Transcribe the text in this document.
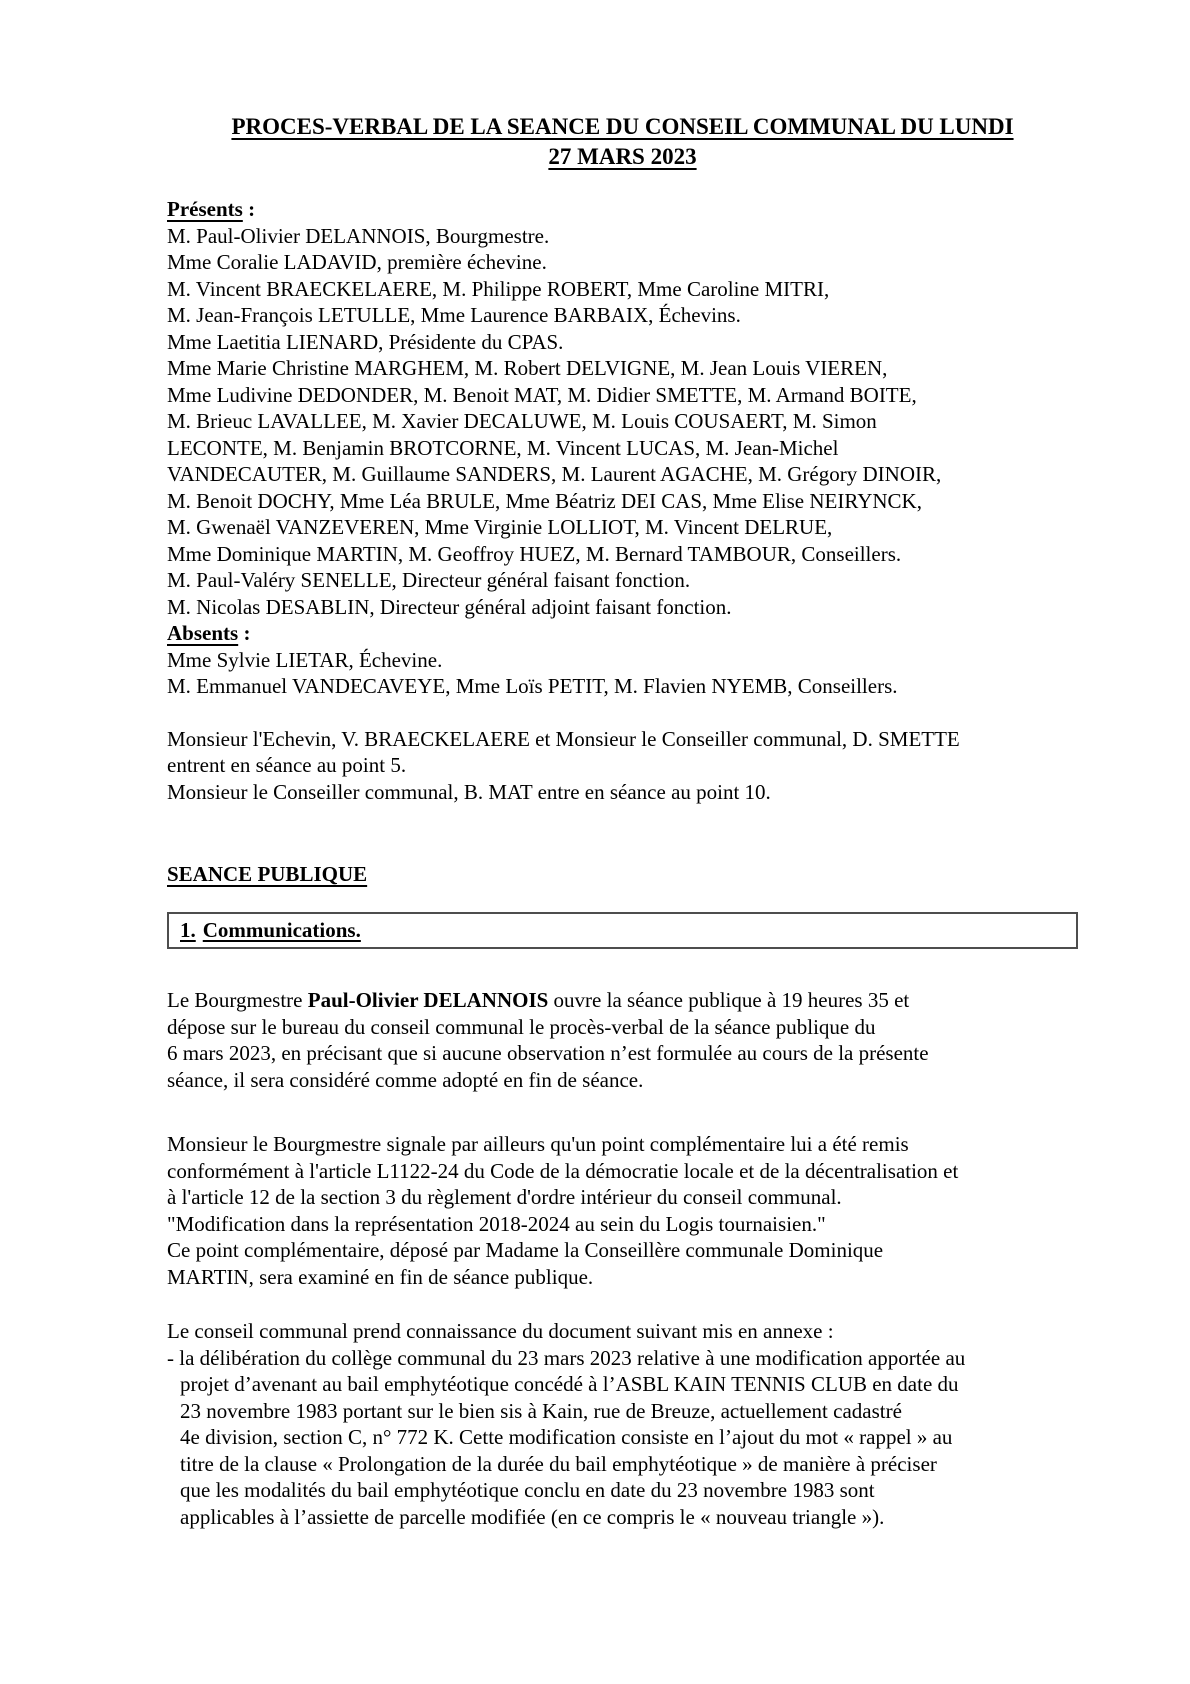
PROCES-VERBAL DE LA SEANCE DU CONSEIL COMMUNAL DU LUNDI
27 MARS 2023
Présents :
M. Paul-Olivier DELANNOIS, Bourgmestre.
Mme Coralie LADAVID, première échevine.
M. Vincent BRAECKELAERE, M. Philippe ROBERT, Mme Caroline MITRI,
M. Jean-François LETULLE, Mme Laurence BARBAIX, Échevins.
Mme Laetitia LIENARD, Présidente du CPAS.
Mme Marie Christine MARGHEM, M. Robert DELVIGNE, M. Jean Louis VIEREN,
Mme Ludivine DEDONDER, M. Benoit MAT, M. Didier SMETTE, M. Armand BOITE,
M. Brieuc LAVALLEE, M. Xavier DECALUWE, M. Louis COUSAERT, M. Simon
LECONTE, M. Benjamin BROTCORNE, M. Vincent LUCAS, M. Jean-Michel
VANDECAUTER, M. Guillaume SANDERS, M. Laurent AGACHE, M. Grégory DINOIR,
M. Benoit DOCHY, Mme Léa BRULE, Mme Béatriz DEI CAS, Mme Elise NEIRYNCK,
M. Gwenaël VANZEVEREN, Mme Virginie LOLLIOT, M. Vincent DELRUE,
Mme Dominique MARTIN, M. Geoffroy HUEZ, M. Bernard TAMBOUR, Conseillers.
M. Paul-Valéry SENELLE, Directeur général faisant fonction.
M. Nicolas DESABLIN, Directeur général adjoint faisant fonction.
Absents :
Mme Sylvie LIETAR, Échevine.
M. Emmanuel VANDECAVEYE, Mme Loïs PETIT, M. Flavien NYEMB, Conseillers.
Monsieur l'Echevin, V. BRAECKELAERE et Monsieur le Conseiller communal, D. SMETTE
entrent en séance au point 5.
Monsieur le Conseiller communal, B. MAT entre en séance au point 10.
SEANCE PUBLIQUE
1. Communications.
Le Bourgmestre Paul-Olivier DELANNOIS ouvre la séance publique à 19 heures 35 et
dépose sur le bureau du conseil communal le procès-verbal de la séance publique du
6 mars 2023, en précisant que si aucune observation n’est formulée au cours de la présente
séance, il sera considéré comme adopté en fin de séance.
Monsieur le Bourgmestre signale par ailleurs qu'un point complémentaire lui a été remis
conformément à l'article L1122-24 du Code de la démocratie locale et de la décentralisation et
à l'article 12 de la section 3 du règlement d'ordre intérieur du conseil communal.
"Modification dans la représentation 2018-2024 au sein du Logis tournaisien."
Ce point complémentaire, déposé par Madame la Conseillère communale Dominique
MARTIN, sera examiné en fin de séance publique.
Le conseil communal prend connaissance du document suivant mis en annexe :
- la délibération du collège communal du 23 mars 2023 relative à une modification apportée au
projet d’avenant au bail emphytéotique concédé à l’ASBL KAIN TENNIS CLUB en date du
23 novembre 1983 portant sur le bien sis à Kain, rue de Breuze, actuellement cadastré
4e division, section C, n° 772 K. Cette modification consiste en l’ajout du mot « rappel » au
titre de la clause « Prolongation de la durée du bail emphytéotique » de manière à préciser
que les modalités du bail emphytéotique conclu en date du 23 novembre 1983 sont
applicables à l’assiette de parcelle modifiée (en ce compris le « nouveau triangle »).
